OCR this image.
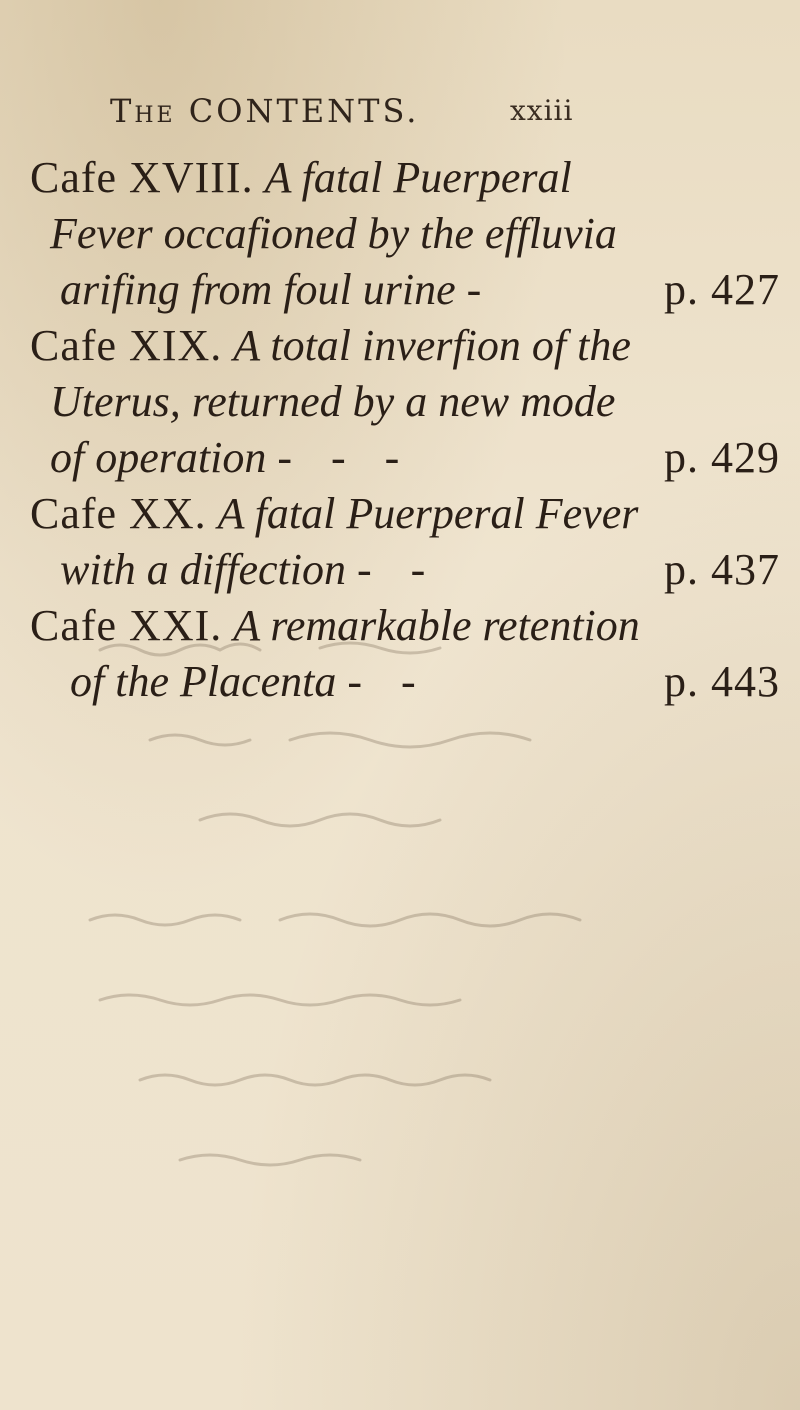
The CONTENTS.	xxiii
Cafe XVIII. A fatal Puerperal
Fever occafioned by the effluvia
arifing from foul urine -	p. 427
Cafe XIX. A total inverfion of the
Uterus, returned by a new mode
of operation - - -	p. 429
Cafe XX. A fatal Puerperal Fever
with a diffection - -	p. 437
Cafe XXI. A remarkable retention
of the Placenta - -	p. 443
